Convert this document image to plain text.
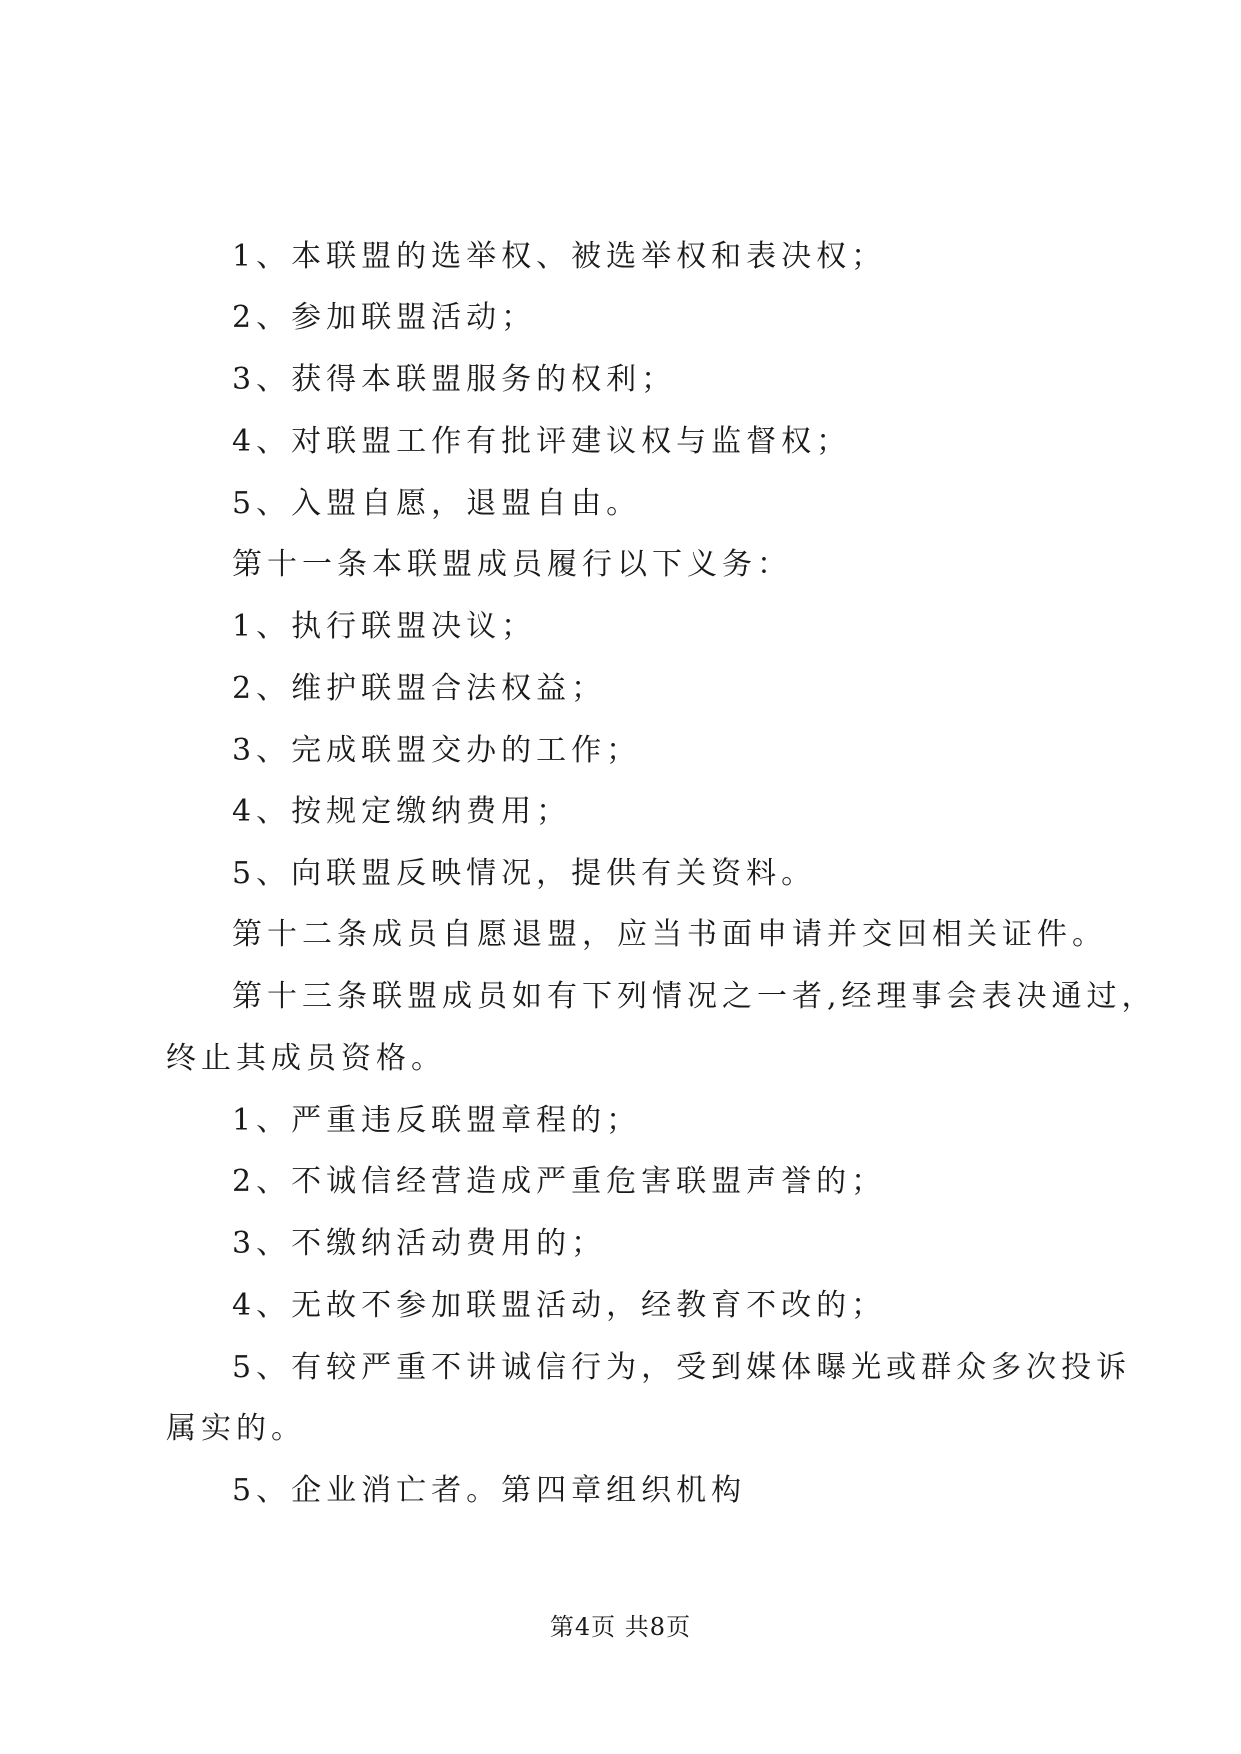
1、本联盟的选举权、被选举权和表决权；
2、参加联盟活动；
3、获得本联盟服务的权利；
4、对联盟工作有批评建议权与监督权；
5、入盟自愿，退盟自由。
第十一条本联盟成员履行以下义务：
1、执行联盟决议；
2、维护联盟合法权益；
3、完成联盟交办的工作；
4、按规定缴纳费用；
5、向联盟反映情况，提供有关资料。
第十二条成员自愿退盟，应当书面申请并交回相关证件。
第十三条联盟成员如有下列情况之一者,经理事会表决通过，
终止其成员资格。
1、严重违反联盟章程的；
2、不诚信经营造成严重危害联盟声誉的；
3、不缴纳活动费用的；
4、无故不参加联盟活动，经教育不改的；
5、有较严重不讲诚信行为，受到媒体曝光或群众多次投诉
属实的。
5、企业消亡者。第四章组织机构
第4页 共8页
